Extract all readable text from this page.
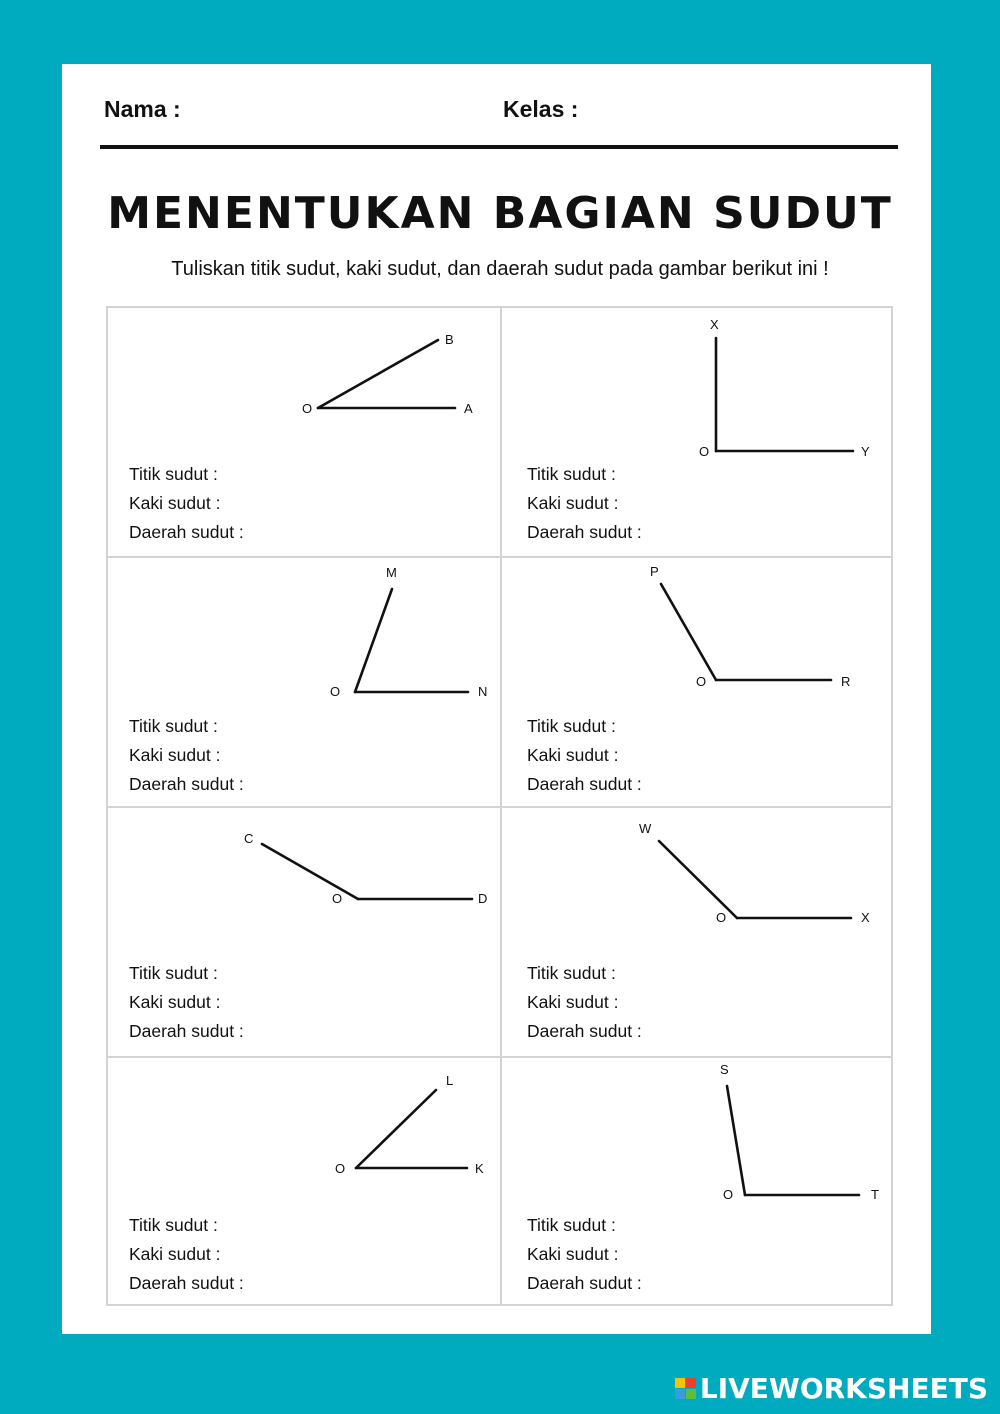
Nama :	Kelas :
MENENTUKAN BAGIAN SUDUT
Tuliskan titik sudut, kaki sudut, dan daerah sudut pada gambar berikut ini !
O	A
B
O	Y
X
O	N
M
O	R
P
O	D
C
O	X
W
O	K
L
O	T
S
Titik sudut :
Kaki sudut :
Daerah sudut :
Titik sudut :
Kaki sudut :
Daerah sudut :
Titik sudut :
Kaki sudut :
Daerah sudut :
Titik sudut :
Kaki sudut :
Daerah sudut :
Titik sudut :
Kaki sudut :
Daerah sudut :
Titik sudut :
Kaki sudut :
Daerah sudut :
Titik sudut :
Kaki sudut :
Daerah sudut :
Titik sudut :
Kaki sudut :
Daerah sudut :
LIVEWORKSHEETS
